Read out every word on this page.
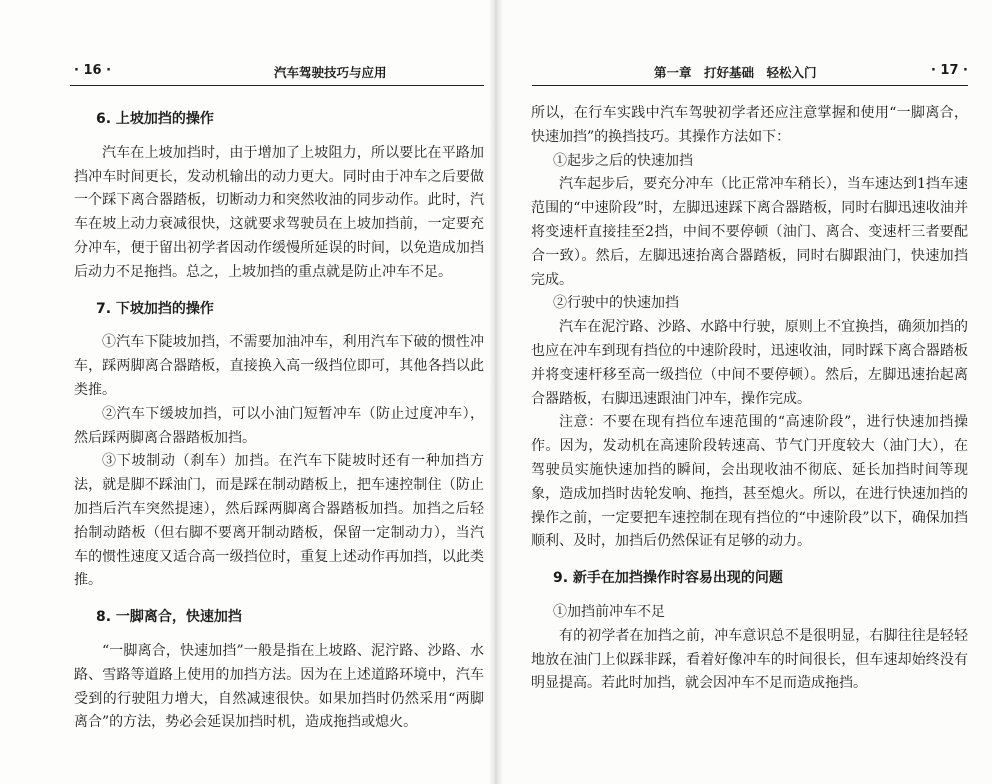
· 16 ·	汽车驾驶技巧与应用
6. 上坡加挡的操作

汽车在上坡加挡时，由于增加了上坡阻力，所以要比在平路加挡冲车时间更长，发动机输出的动力更大。同时由于冲车之后要做一个踩下离合器踏板，切断动力和突然收油的同步动作。此时，汽车在坡上动力衰减很快，这就要求驾驶员在上坡加挡前，一定要充分冲车，便于留出初学者因动作缓慢所延误的时间，以免造成加挡后动力不足拖挡。总之，上坡加挡的重点就是防止冲车不足。

7. 下坡加挡的操作

①汽车下陡坡加挡，不需要加油冲车，利用汽车下破的惯性冲车，踩两脚离合器踏板，直接换入高一级挡位即可，其他各挡以此类推。

②汽车下缓坡加挡，可以小油门短暂冲车（防止过度冲车），然后踩两脚离合器踏板加挡。

③下坡制动（刹车）加挡。在汽车下陡坡时还有一种加挡方法，就是脚不踩油门，而是踩在制动踏板上，把车速控制住（防止加挡后汽车突然提速），然后踩两脚离合器踏板加挡。加挡之后轻抬制动踏板（但右脚不要离开制动踏板，保留一定制动力），当汽车的惯性速度又适合高一级挡位时，重复上述动作再加挡，以此类推。

8. 一脚离合，快速加挡

“一脚离合，快速加挡”一般是指在上坡路、泥泞路、沙路、水路、雪路等道路上使用的加挡方法。因为在上述道路环境中，汽车受到的行驶阻力增大，自然减速很快。如果加挡时仍然采用“两脚离合”的方法，势必会延误加挡时机，造成拖挡或熄火。

第一章　打好基础　轻松入门	· 17 ·

所以，在行车实践中汽车驾驶初学者还应注意掌握和使用“一脚离合，快速加挡”的换挡技巧。其操作方法如下：

①起步之后的快速加挡

汽车起步后，要充分冲车（比正常冲车稍长），当车速达到1挡车速范围的“中速阶段”时，左脚迅速踩下离合器踏板，同时右脚迅速收油并将变速杆直接挂至2挡，中间不要停顿（油门、离合、变速杆三者要配合一致）。然后，左脚迅速抬离合器踏板，同时右脚跟油门，快速加挡完成。

②行驶中的快速加挡

汽车在泥泞路、沙路、水路中行驶，原则上不宜换挡，确须加挡的也应在冲车到现有挡位的中速阶段时，迅速收油，同时踩下离合器踏板并将变速杆移至高一级挡位（中间不要停顿）。然后，左脚迅速抬起离合器踏板，右脚迅速跟油门冲车，操作完成。

注意：不要在现有挡位车速范围的“高速阶段”，进行快速加挡操作。因为，发动机在高速阶段转速高、节气门开度较大（油门大），在驾驶员实施快速加挡的瞬间，会出现收油不彻底、延长加挡时间等现象，造成加挡时齿轮发响、拖挡，甚至熄火。所以，在进行快速加挡的操作之前，一定要把车速控制在现有挡位的“中速阶段”以下，确保加挡顺利、及时，加挡后仍然保证有足够的动力。

9. 新手在加挡操作时容易出现的问题

①加挡前冲车不足

有的初学者在加挡之前，冲车意识总不是很明显，右脚往往是轻轻地放在油门上似踩非踩，看着好像冲车的时间很长，但车速却始终没有明显提高。若此时加挡，就会因冲车不足而造成拖挡。
